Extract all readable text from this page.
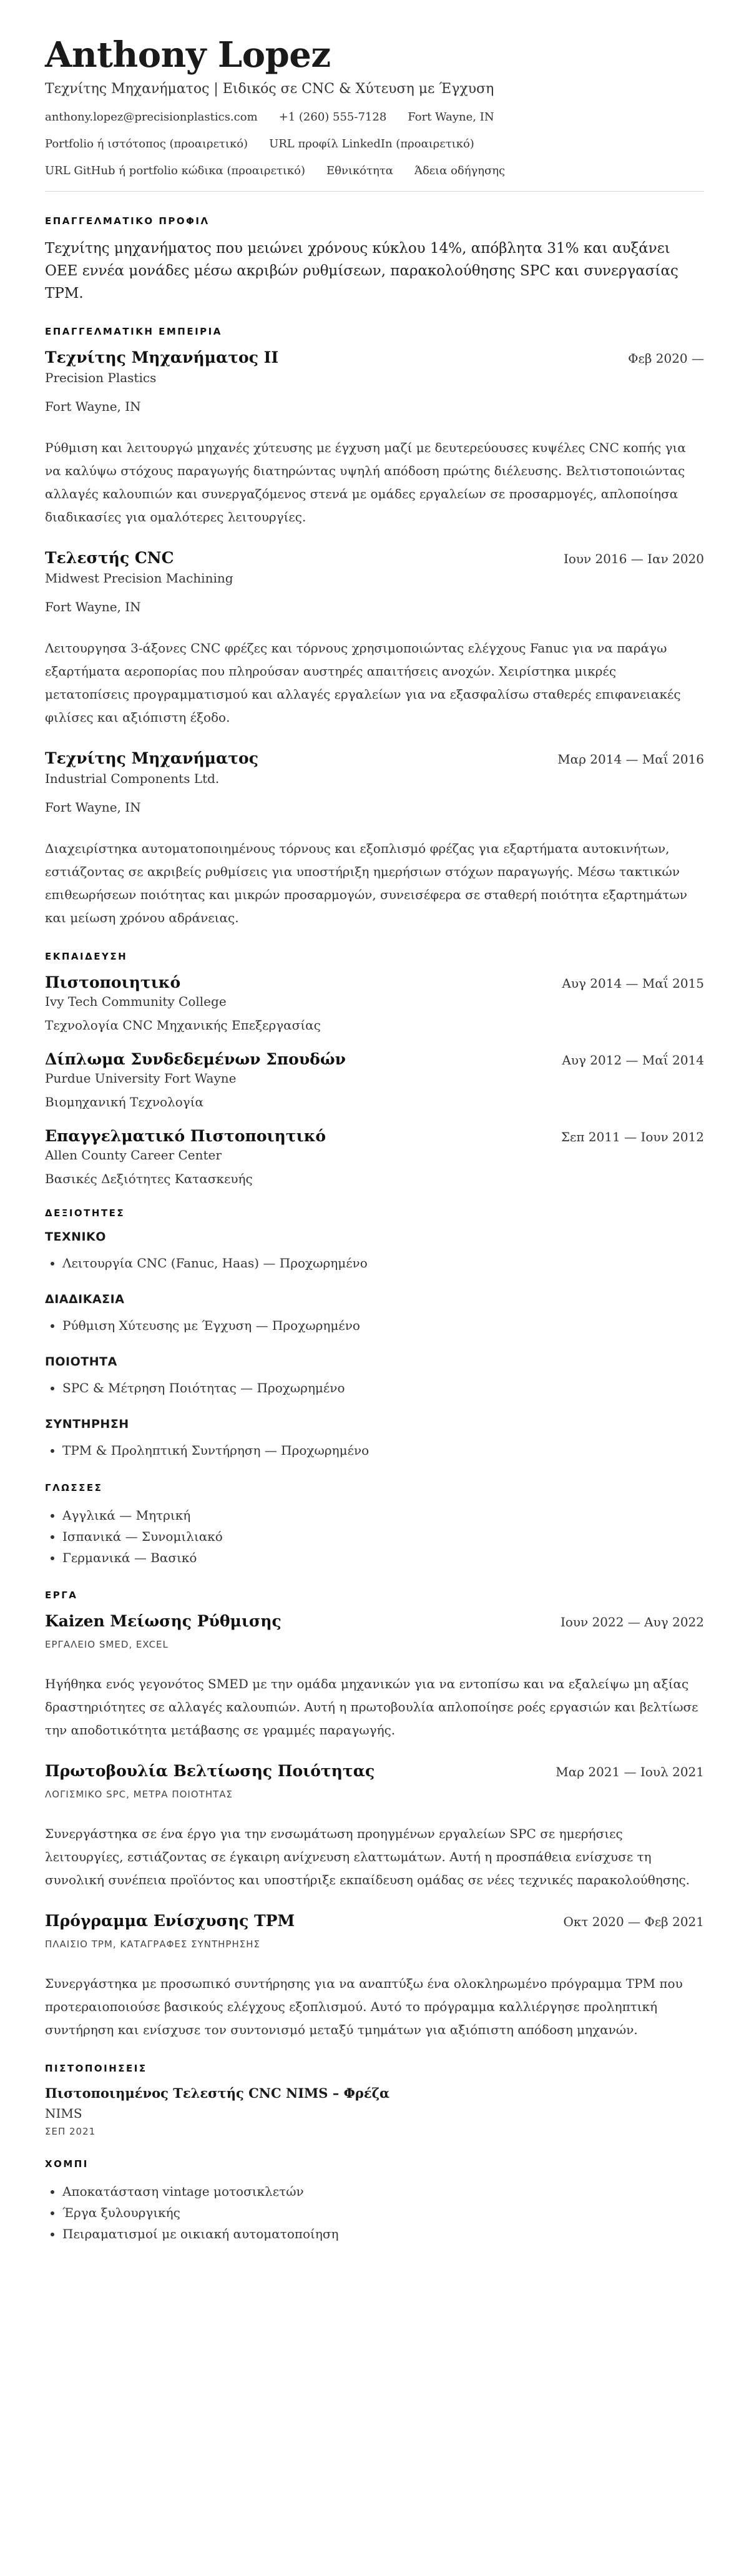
Anthony Lopez
Τεχνίτης Μηχανήματος | Ειδικός σε CNC & Χύτευση με Έγχυση
anthony.lopez@precisionplastics.com +1 (260) 555-7128 Fort Wayne, IN
Portfolio ή ιστότοπος (προαιρετικό) URL προφίλ LinkedIn (προαιρετικό)
URL GitHub ή portfolio κώδικα (προαιρετικό) Εθνικότητα Άδεια οδήγησης
ΕΠΑΓΓΕΛΜΑΤΙΚΟ ΠΡΟΦΙΛ
Τεχνίτης μηχανήματος που μειώνει χρόνους κύκλου 14%, απόβλητα 31% και αυξάνει ΟΕΕ εννέα μονάδες μέσω ακριβών ρυθμίσεων, παρακολούθησης SPC και συνεργασίας TPM.
ΕΠΑΓΓΕΛΜΑΤΙΚΗ ΕΜΠΕΙΡΙΑ
Τεχνίτης Μηχανήματος II	Φεβ 2020 —
Precision Plastics
Fort Wayne, IN
Ρύθμιση και λειτουργώ μηχανές χύτευσης με έγχυση μαζί με δευτερεύουσες κυψέλες CNC κοπής για να καλύψω στόχους παραγωγής διατηρώντας υψηλή απόδοση πρώτης διέλευσης. Βελτιστοποιώντας αλλαγές καλουπιών και συνεργαζόμενος στενά με ομάδες εργαλείων σε προσαρμογές, απλοποίησα διαδικασίες για ομαλότερες λειτουργίες.
Τελεστής CNC	Ιουν 2016 — Ιαν 2020
Midwest Precision Machining
Fort Wayne, IN
Λειτουργησα 3-άξονες CNC φρέζες και τόρνους χρησιμοποιώντας ελέγχους Fanuc για να παράγω εξαρτήματα αεροπορίας που πληρούσαν αυστηρές απαιτήσεις ανοχών. Χειρίστηκα μικρές μετατοπίσεις προγραμματισμού και αλλαγές εργαλείων για να εξασφαλίσω σταθερές επιφανειακές φιλίσες και αξιόπιστη έξοδο.
Τεχνίτης Μηχανήματος	Μαρ 2014 — Μαΐ 2016
Industrial Components Ltd.
Fort Wayne, IN
Διαχειρίστηκα αυτοματοποιημένους τόρνους και εξοπλισμό φρέζας για εξαρτήματα αυτοκινήτων, εστιάζοντας σε ακριβείς ρυθμίσεις για υποστήριξη ημερήσιων στόχων παραγωγής. Μέσω τακτικών επιθεωρήσεων ποιότητας και μικρών προσαρμογών, συνεισέφερα σε σταθερή ποιότητα εξαρτημάτων και μείωση χρόνου αδράνειας.
ΕΚΠΑΙΔΕΥΣΗ
Πιστοποιητικό	Αυγ 2014 — Μαΐ 2015
Ivy Tech Community College
Τεχνολογία CNC Μηχανικής Επεξεργασίας
Δίπλωμα Συνδεδεμένων Σπουδών	Αυγ 2012 — Μαΐ 2014
Purdue University Fort Wayne
Βιομηχανική Τεχνολογία
Επαγγελματικό Πιστοποιητικό	Σεπ 2011 — Ιουν 2012
Allen County Career Center
Βασικές Δεξιότητες Κατασκευής
ΔΕΞΙΟΤΗΤΕΣ
ΤΕΧΝΙΚΟ
• Λειτουργία CNC (Fanuc, Haas) — Προχωρημένο
ΔΙΑΔΙΚΑΣΙΑ
• Ρύθμιση Χύτευσης με Έγχυση — Προχωρημένο
ΠΟΙΟΤΗΤΑ
• SPC & Μέτρηση Ποιότητας — Προχωρημένο
ΣΥΝΤΗΡΗΣΗ
• TPM & Προληπτική Συντήρηση — Προχωρημένο
ΓΛΩΣΣΕΣ
• Αγγλικά — Μητρική
• Ισπανικά — Συνομιλιακό
• Γερμανικά — Βασικό
ΕΡΓΑ
Kaizen Μείωσης Ρύθμισης	Ιουν 2022 — Αυγ 2022
ΕΡΓΑΛΕΙΟ SMED, EXCEL
Ηγήθηκα ενός γεγονότος SMED με την ομάδα μηχανικών για να εντοπίσω και να εξαλείψω μη αξίας δραστηριότητες σε αλλαγές καλουπιών. Αυτή η πρωτοβουλία απλοποίησε ροές εργασιών και βελτίωσε την αποδοτικότητα μετάβασης σε γραμμές παραγωγής.
Πρωτοβουλία Βελτίωσης Ποιότητας	Μαρ 2021 — Ιουλ 2021
ΛΟΓΙΣΜΙΚΟ SPC, ΜΕΤΡΑ ΠΟΙΟΤΗΤΑΣ
Συνεργάστηκα σε ένα έργο για την ενσωμάτωση προηγμένων εργαλείων SPC σε ημερήσιες λειτουργίες, εστιάζοντας σε έγκαιρη ανίχνευση ελαττωμάτων. Αυτή η προσπάθεια ενίσχυσε τη συνολική συνέπεια προϊόντος και υποστήριξε εκπαίδευση ομάδας σε νέες τεχνικές παρακολούθησης.
Πρόγραμμα Ενίσχυσης TPM	Οκτ 2020 — Φεβ 2021
ΠΛΑΙΣΙΟ TPM, ΚΑΤΑΓΡΑΦΕΣ ΣΥΝΤΗΡΗΣΗΣ
Συνεργάστηκα με προσωπικό συντήρησης για να αναπτύξω ένα ολοκληρωμένο πρόγραμμα TPM που προτεραιοποιούσε βασικούς ελέγχους εξοπλισμού. Αυτό το πρόγραμμα καλλιέργησε προληπτική συντήρηση και ενίσχυσε τον συντονισμό μεταξύ τμημάτων για αξιόπιστη απόδοση μηχανών.
ΠΙΣΤΟΠΟΙΗΣΕΙΣ
Πιστοποιημένος Τελεστής CNC NIMS – Φρέζα
NIMS
ΣΕΠ 2021
ΧΟΜΠΙ
• Αποκατάσταση vintage μοτοσικλετών
• Έργα ξυλουργικής
• Πειραματισμοί με οικιακή αυτοματοποίηση
